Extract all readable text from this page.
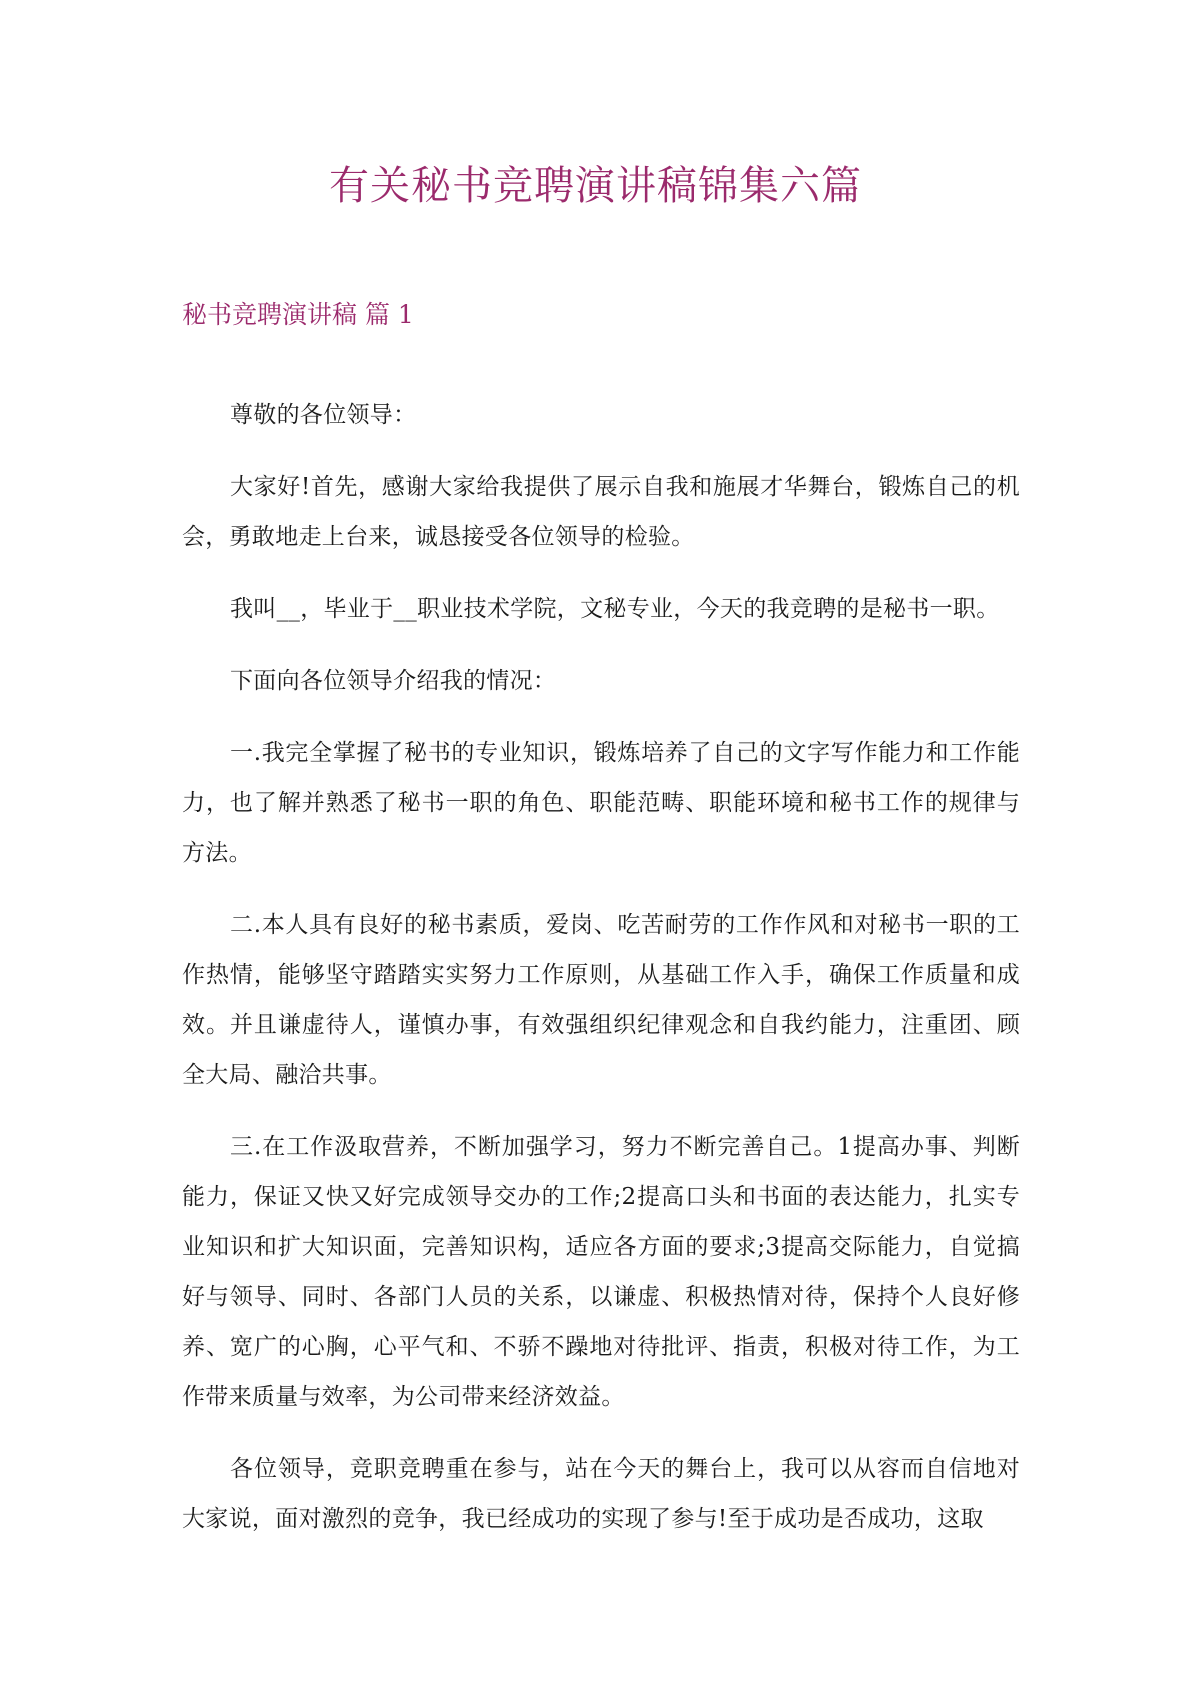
有关秘书竞聘演讲稿锦集六篇
秘书竞聘演讲稿 篇 1

尊敬的各位领导：

大家好!首先，感谢大家给我提供了展示自我和施展才华舞台，锻炼自己的机会，勇敢地走上台来，诚恳接受各位领导的检验。

我叫__，毕业于__职业技术学院，文秘专业，今天的我竞聘的是秘书一职。

下面向各位领导介绍我的情况：

一.我完全掌握了秘书的专业知识，锻炼培养了自己的文字写作能力和工作能力，也了解并熟悉了秘书一职的角色、职能范畴、职能环境和秘书工作的规律与方法。

二.本人具有良好的秘书素质，爱岗、吃苦耐劳的工作作风和对秘书一职的工作热情，能够坚守踏踏实实努力工作原则，从基础工作入手，确保工作质量和成效。并且谦虚待人，谨慎办事，有效强组织纪律观念和自我约能力，注重团、顾全大局、融洽共事。

三.在工作汲取营养，不断加强学习，努力不断完善自己。1提高办事、判断能力，保证又快又好完成领导交办的工作;2提高口头和书面的表达能力，扎实专业知识和扩大知识面，完善知识构，适应各方面的要求;3提高交际能力，自觉搞好与领导、同时、各部门人员的关系，以谦虚、积极热情对待，保持个人良好修养、宽广的心胸，心平气和、不骄不躁地对待批评、指责，积极对待工作，为工作带来质量与效率，为公司带来经济效益。

各位领导，竞职竞聘重在参与，站在今天的舞台上，我可以从容而自信地对大家说，面对激烈的竞争，我已经成功的实现了参与!至于成功是否成功，这取
